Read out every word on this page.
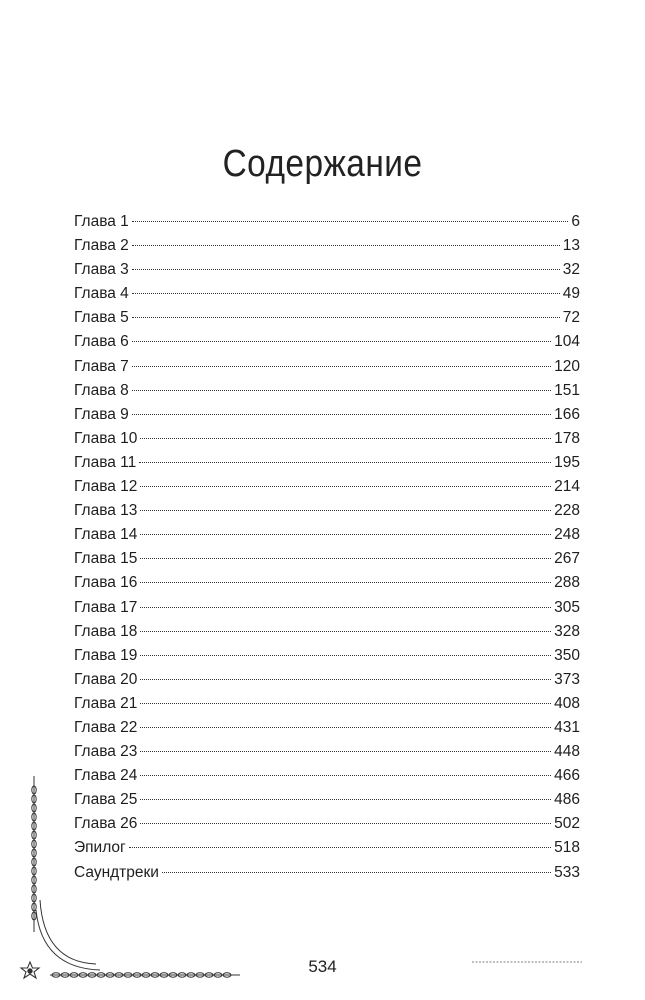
Содержание
Глава 1	6
Глава 2	13
Глава 3	32
Глава 4	49
Глава 5	72
Глава 6	104
Глава 7	120
Глава 8	151
Глава 9	166
Глава 10	178
Глава 11	195
Глава 12	214
Глава 13	228
Глава 14	248
Глава 15	267
Глава 16	288
Глава 17	305
Глава 18	328
Глава 19	350
Глава 20	373
Глава 21	408
Глава 22	431
Глава 23	448
Глава 24	466
Глава 25	486
Глава 26	502
Эпилог	518
Саундтреки	533
534
